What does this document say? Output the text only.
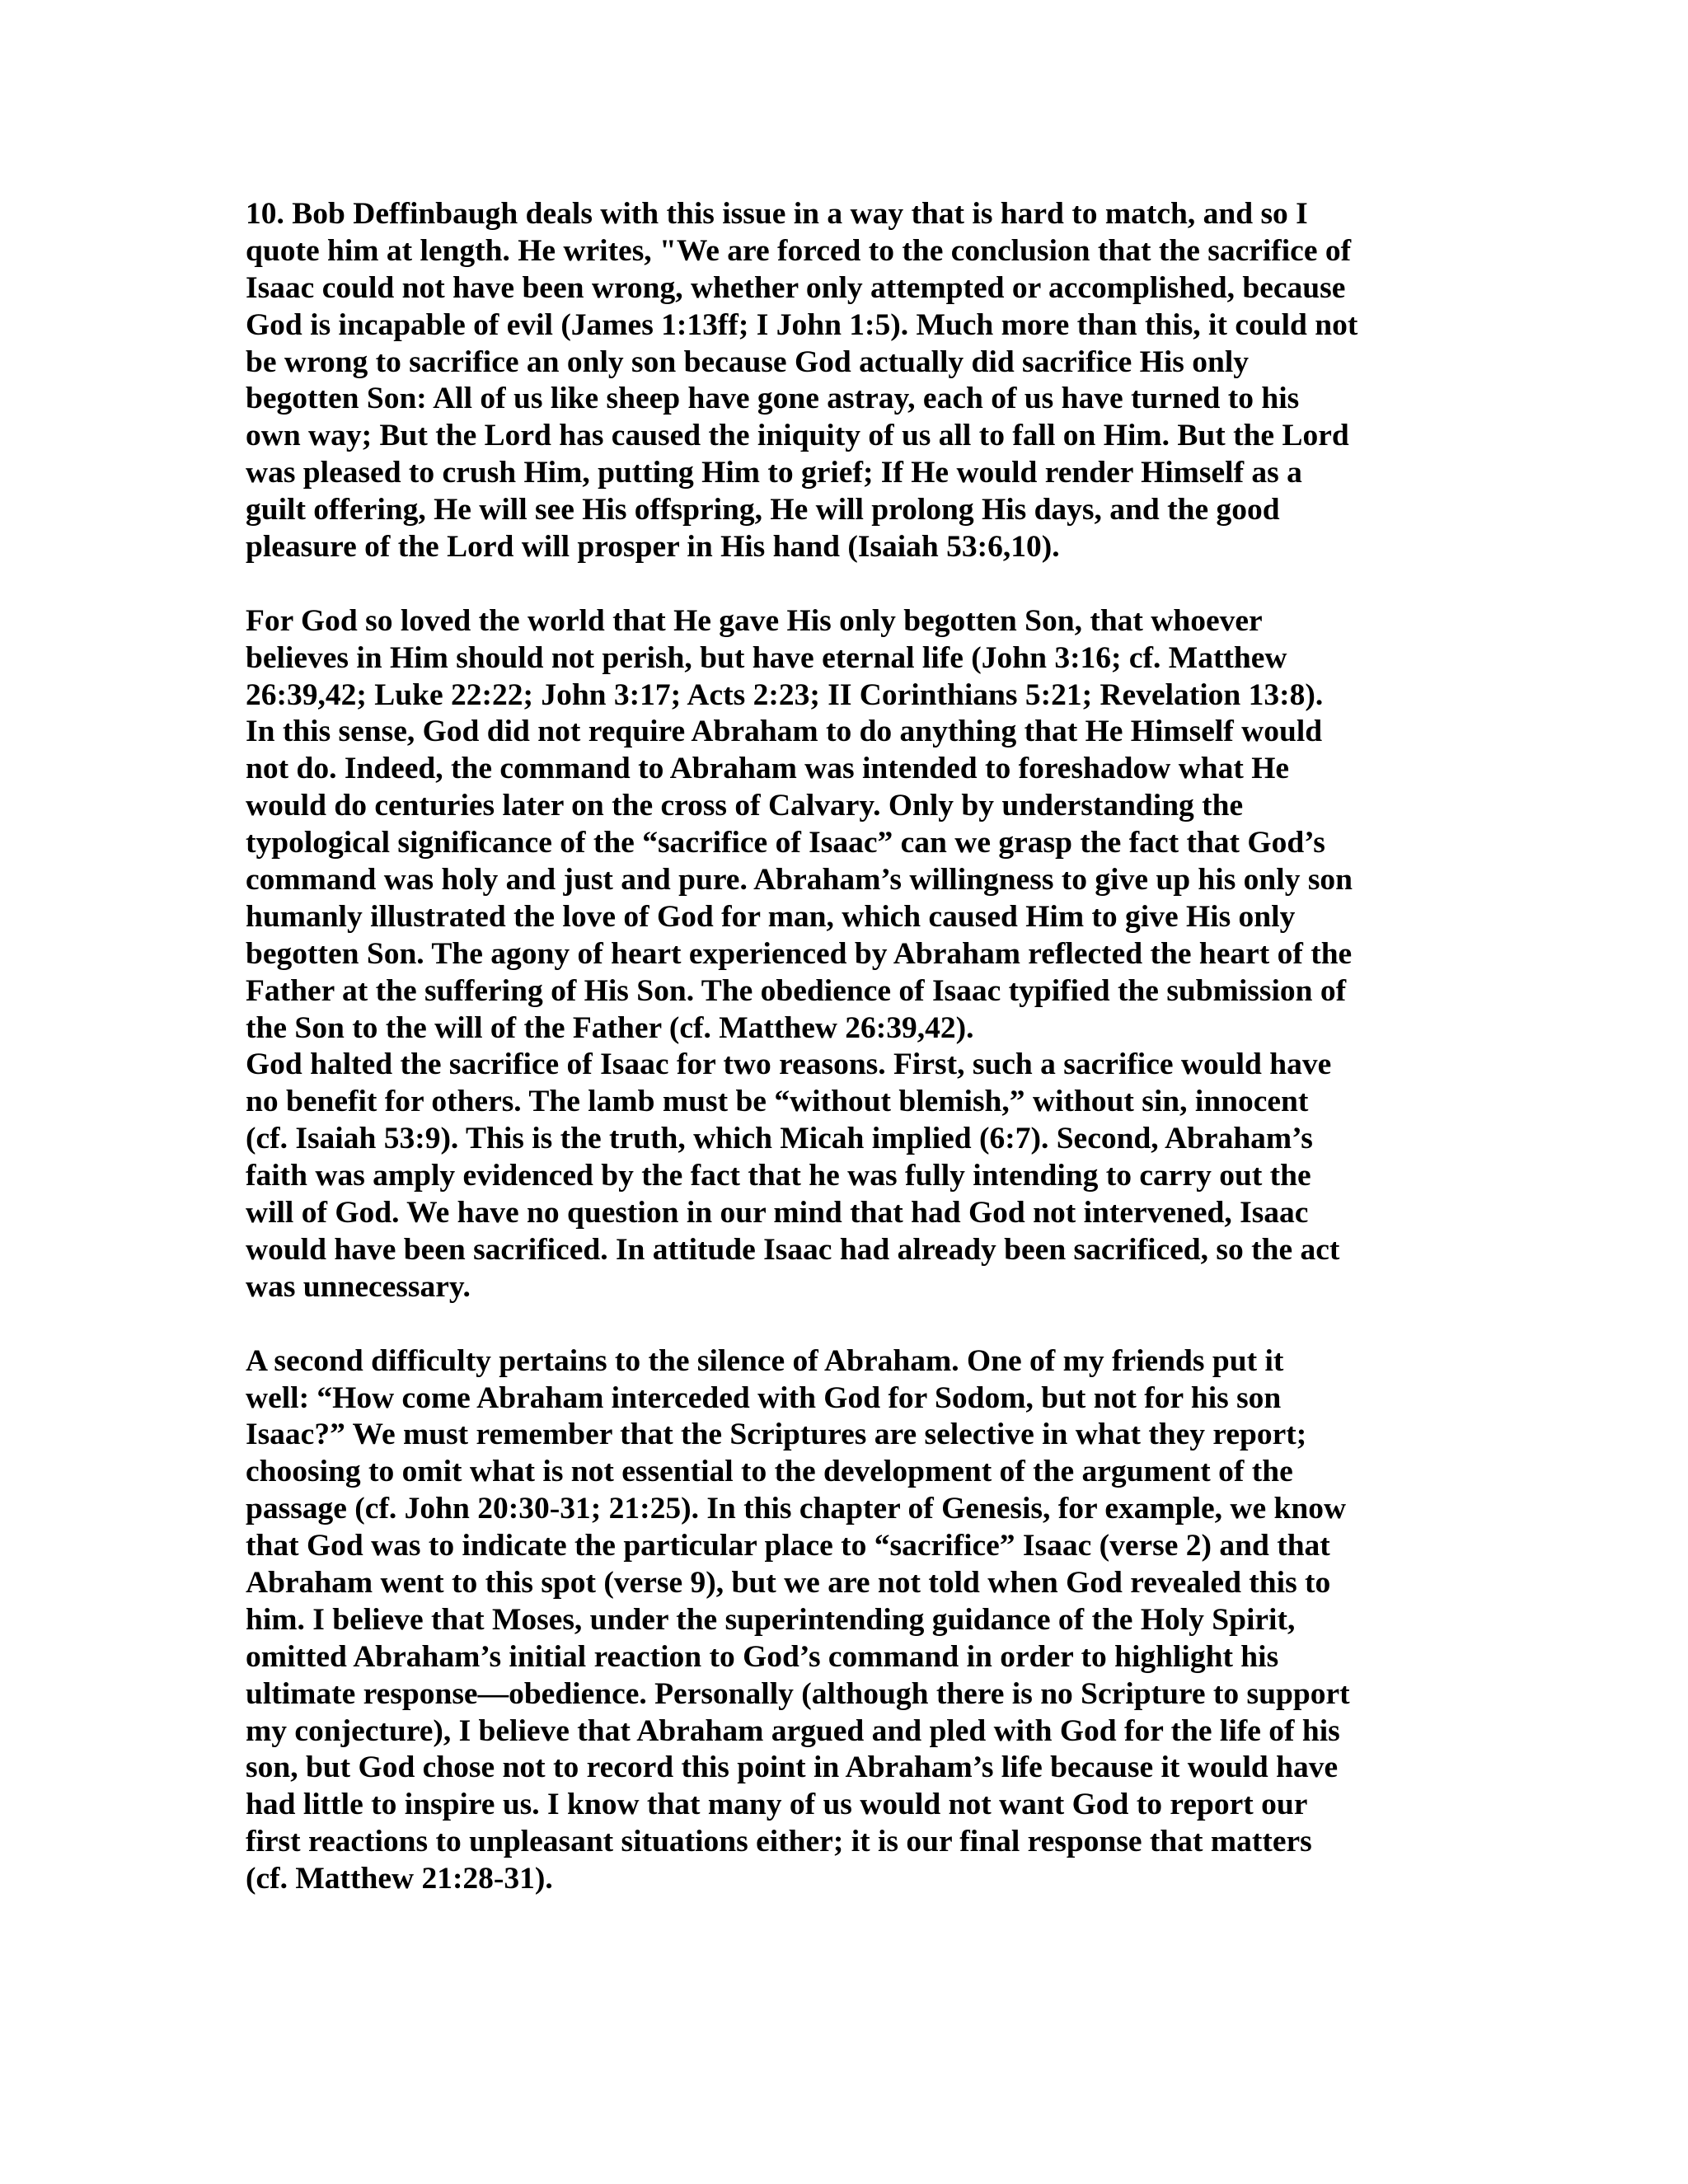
10. Bob Deffinbaugh deals with this issue in a way that is hard to match, and so I
quote him at length. He writes, "We are forced to the conclusion that the sacrifice of
Isaac could not have been wrong, whether only attempted or accomplished, because
God is incapable of evil (James 1:13ff; I John 1:5). Much more than this, it could not
be wrong to sacrifice an only son because God actually did sacrifice His only
begotten Son: All of us like sheep have gone astray, each of us have turned to his
own way; But the Lord has caused the iniquity of us all to fall on Him. But the Lord
was pleased to crush Him, putting Him to grief; If He would render Himself as a
guilt offering, He will see His offspring, He will prolong His days, and the good
pleasure of the Lord will prosper in His hand (Isaiah 53:6,10).
For God so loved the world that He gave His only begotten Son, that whoever
believes in Him should not perish, but have eternal life (John 3:16; cf. Matthew
26:39,42; Luke 22:22; John 3:17; Acts 2:23; II Corinthians 5:21; Revelation 13:8).
In this sense, God did not require Abraham to do anything that He Himself would
not do. Indeed, the command to Abraham was intended to foreshadow what He
would do centuries later on the cross of Calvary. Only by understanding the
typological significance of the “sacrifice of Isaac” can we grasp the fact that God’s
command was holy and just and pure. Abraham’s willingness to give up his only son
humanly illustrated the love of God for man, which caused Him to give His only
begotten Son. The agony of heart experienced by Abraham reflected the heart of the
Father at the suffering of His Son. The obedience of Isaac typified the submission of
the Son to the will of the Father (cf. Matthew 26:39,42).
God halted the sacrifice of Isaac for two reasons. First, such a sacrifice would have
no benefit for others. The lamb must be “without blemish,” without sin, innocent
(cf. Isaiah 53:9). This is the truth, which Micah implied (6:7). Second, Abraham’s
faith was amply evidenced by the fact that he was fully intending to carry out the
will of God. We have no question in our mind that had God not intervened, Isaac
would have been sacrificed. In attitude Isaac had already been sacrificed, so the act
was unnecessary.
A second difficulty pertains to the silence of Abraham. One of my friends put it
well: “How come Abraham interceded with God for Sodom, but not for his son
Isaac?” We must remember that the Scriptures are selective in what they report;
choosing to omit what is not essential to the development of the argument of the
passage (cf. John 20:30-31; 21:25). In this chapter of Genesis, for example, we know
that God was to indicate the particular place to “sacrifice” Isaac (verse 2) and that
Abraham went to this spot (verse 9), but we are not told when God revealed this to
him. I believe that Moses, under the superintending guidance of the Holy Spirit,
omitted Abraham’s initial reaction to God’s command in order to highlight his
ultimate response—obedience. Personally (although there is no Scripture to support
my conjecture), I believe that Abraham argued and pled with God for the life of his
son, but God chose not to record this point in Abraham’s life because it would have
had little to inspire us. I know that many of us would not want God to report our
first reactions to unpleasant situations either; it is our final response that matters
(cf. Matthew 21:28-31).
